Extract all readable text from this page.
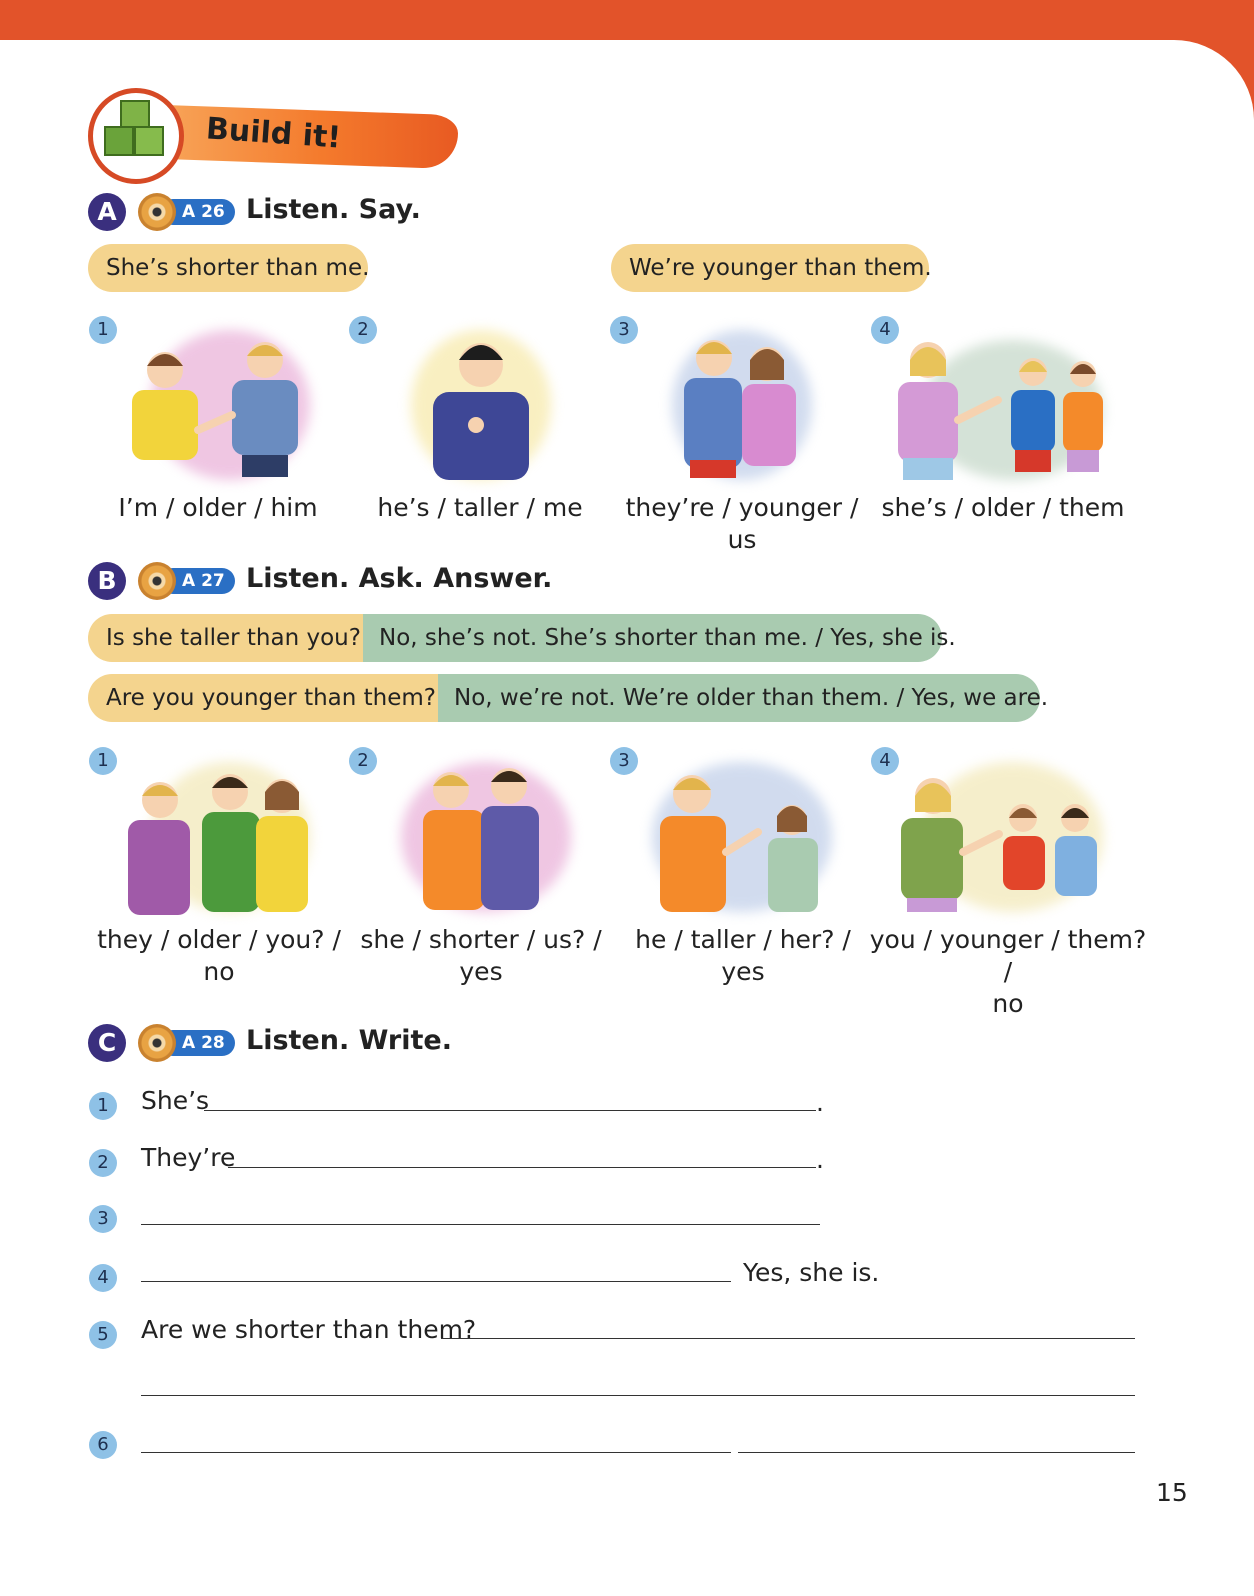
Build it!
A	A 26 Listen. Say.
She’s shorter than me.	We’re younger than them.
1	2	3	4
I’m / older / him	he’s / taller / me	they’re / younger / us
she’s / older / them
B	A 27 Listen. Ask. Answer.
Is she taller than you? No, she’s not. She’s shorter than me. / Yes, she is.
Are you younger than them? No, we’re not. We’re older than them. / Yes, we are.
1	2	3	4
they / older / you? /
no
she / shorter / us? /
yes
he / taller / her? /
yes
you / younger / them? /
no
C	A 28 Listen. Write.
1	She’s	.
2	They’re	.
3
4	Yes, she is.
5	Are we shorter than them?
6
15
